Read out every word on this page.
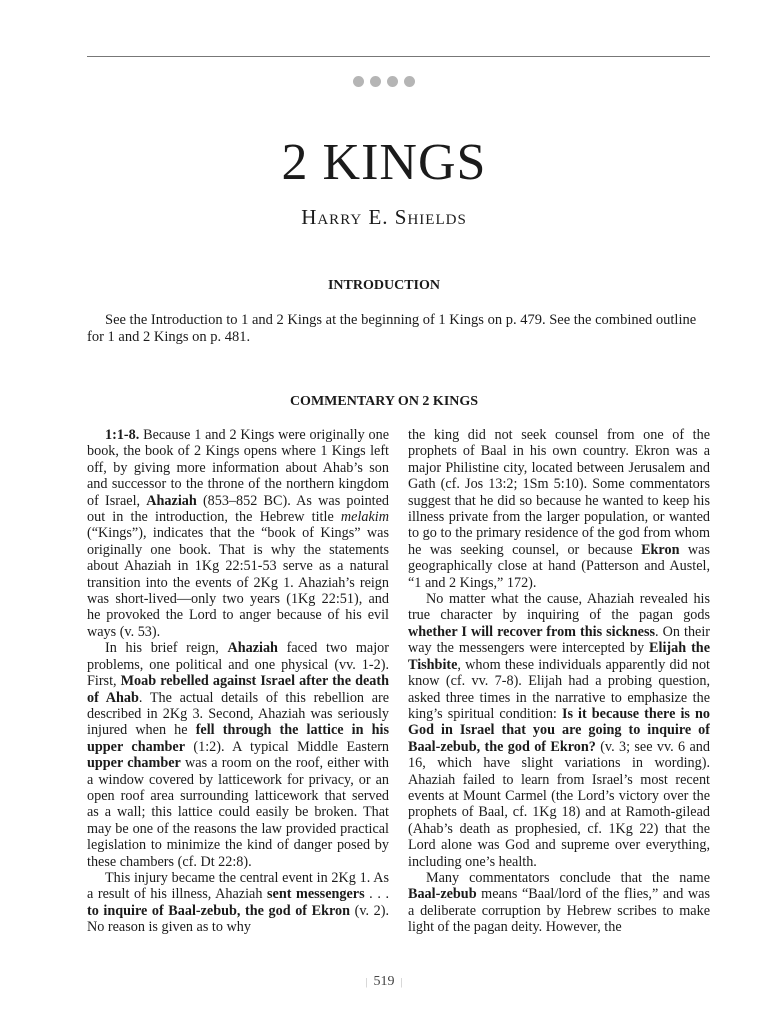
2 KINGS
Harry E. Shields
INTRODUCTION

See the Introduction to 1 and 2 Kings at the beginning of 1 Kings on p. 479. See the combined outline for 1 and 2 Kings on p. 481.

COMMENTARY ON 2 KINGS

1:1-8. Because 1 and 2 Kings were originally one book, the book of 2 Kings opens where 1 Kings left off, by giving more information about Ahab’s son and successor to the throne of the northern kingdom of Israel, Ahaziah (853–852 BC). As was pointed out in the introduction, the Hebrew title melakim (“Kings”), indicates that the “book of Kings” was originally one book. That is why the statements about Ahaziah in 1Kg 22:51-53 serve as a natural transition into the events of 2Kg 1. Ahaziah’s reign was short-lived—only two years (1Kg 22:51), and he provoked the Lord to anger because of his evil ways (v. 53).

In his brief reign, Ahaziah faced two major problems, one political and one physical (vv. 1-2). First, Moab rebelled against Israel after the death of Ahab. The actual details of this rebellion are described in 2Kg 3. Second, Ahaziah was seriously injured when he fell through the lattice in his upper chamber (1:2). A typical Middle Eastern upper chamber was a room on the roof, either with a window covered by latticework for privacy, or an open roof area surrounding latticework that served as a wall; this lattice could easily be broken. That may be one of the reasons the law provided practical legislation to minimize the kind of danger posed by these chambers (cf. Dt 22:8).

This injury became the central event in 2Kg 1. As a result of his illness, Ahaziah sent messengers . . . to inquire of Baal-zebub, the god of Ekron (v. 2). No reason is given as to why

the king did not seek counsel from one of the prophets of Baal in his own country. Ekron was a major Philistine city, located between Jerusalem and Gath (cf. Jos 13:2; 1Sm 5:10). Some commentators suggest that he did so because he wanted to keep his illness private from the larger population, or wanted to go to the primary residence of the god from whom he was seeking counsel, or because Ekron was geographically close at hand (Patterson and Austel, “1 and 2 Kings,” 172).

No matter what the cause, Ahaziah revealed his true character by inquiring of the pagan gods whether I will recover from this sickness. On their way the messengers were intercepted by Elijah the Tishbite, whom these individuals apparently did not know (cf. vv. 7-8). Elijah had a probing question, asked three times in the narrative to emphasize the king’s spiritual condition: Is it because there is no God in Israel that you are going to inquire of Baal-zebub, the god of Ekron? (v. 3; see vv. 6 and 16, which have slight variations in wording). Ahaziah failed to learn from Israel’s most recent events at Mount Carmel (the Lord’s victory over the prophets of Baal, cf. 1Kg 18) and at Ramoth-gilead (Ahab’s death as prophesied, cf. 1Kg 22) that the Lord alone was God and supreme over everything, including one’s health.

Many commentators conclude that the name Baal-zebub means “Baal/lord of the flies,” and was a deliberate corruption by Hebrew scribes to make light of the pagan deity. However, the

| 519 |
